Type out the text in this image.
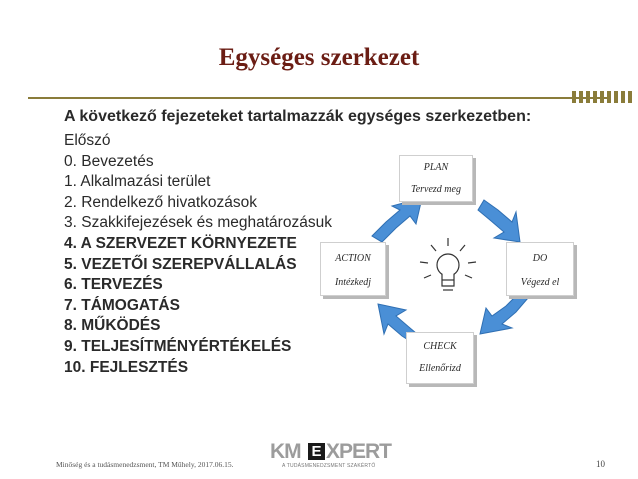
Egységes szerkezet
A következő fejezeteket tartalmazzák egységes szerkezetben:
Előszó
0. Bevezetés
1. Alkalmazási terület
2. Rendelkező hivatkozások
3. Szakkifejezések és meghatározásuk
4. A SZERVEZET KÖRNYEZETE
5. VEZETŐI SZEREPVÁLLALÁS
6. TERVEZÉS
7. TÁMOGATÁS
8. MŰKÖDÉS
9. TELJESÍTMÉNYÉRTÉKELÉS
10. FEJLESZTÉS
PLAN
Tervezd meg
ACTION
Intézkedj
DO
Végezd el
CHECK
Ellenőrizd
Minőség és a tudásmenedzsment, TM Műhely, 2017.06.15.
KM E XPERT
A TUDÁSMENEDZSMENT SZAKÉRTŐ	10
